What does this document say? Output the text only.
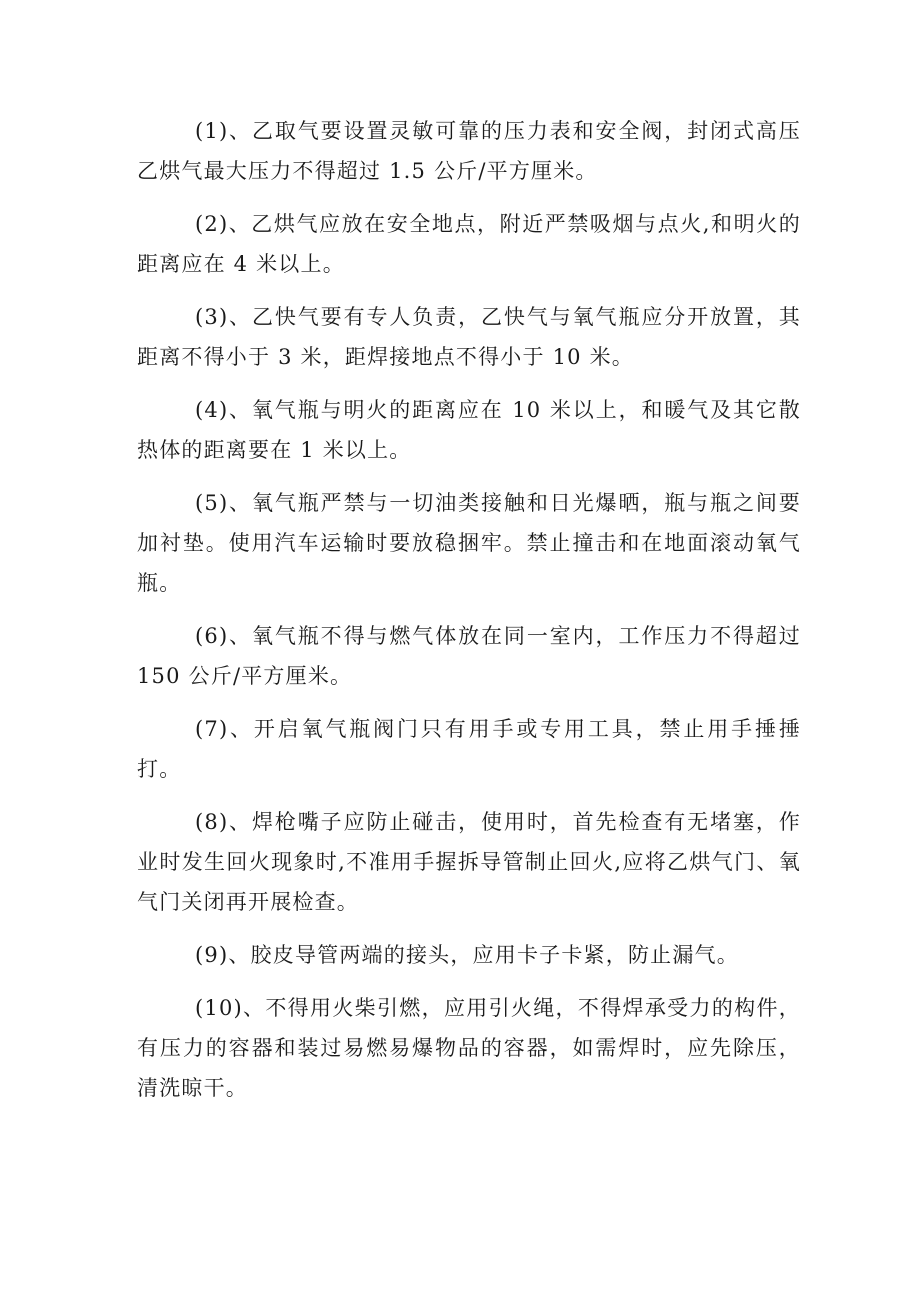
(1)、乙取气要设置灵敏可靠的压力表和安全阀，封闭式高压乙烘气最大压力不得超过 1.5 公斤/平方厘米。

(2)、乙烘气应放在安全地点，附近严禁吸烟与点火,和明火的距离应在 4 米以上。

(3)、乙快气要有专人负责，乙快气与氧气瓶应分开放置，其距离不得小于 3 米，距焊接地点不得小于 10 米。

(4)、氧气瓶与明火的距离应在 10 米以上，和暖气及其它散热体的距离要在 1 米以上。

(5)、氧气瓶严禁与一切油类接触和日光爆晒，瓶与瓶之间要加衬垫。使用汽车运输时要放稳捆牢。禁止撞击和在地面滚动氧气瓶。

(6)、氧气瓶不得与燃气体放在同一室内，工作压力不得超过 150 公斤/平方厘米。

(7)、开启氧气瓶阀门只有用手或专用工具，禁止用手捶捶打。

(8)、焊枪嘴子应防止碰击，使用时，首先检查有无堵塞，作业时发生回火现象时,不准用手握拆导管制止回火,应将乙烘气门、氧气门关闭再开展检查。

(9)、胶皮导管两端的接头，应用卡子卡紧，防止漏气。

(10)、不得用火柴引燃，应用引火绳，不得焊承受力的构件，有压力的容器和装过易燃易爆物品的容器，如需焊时，应先除压，清洗晾干。
